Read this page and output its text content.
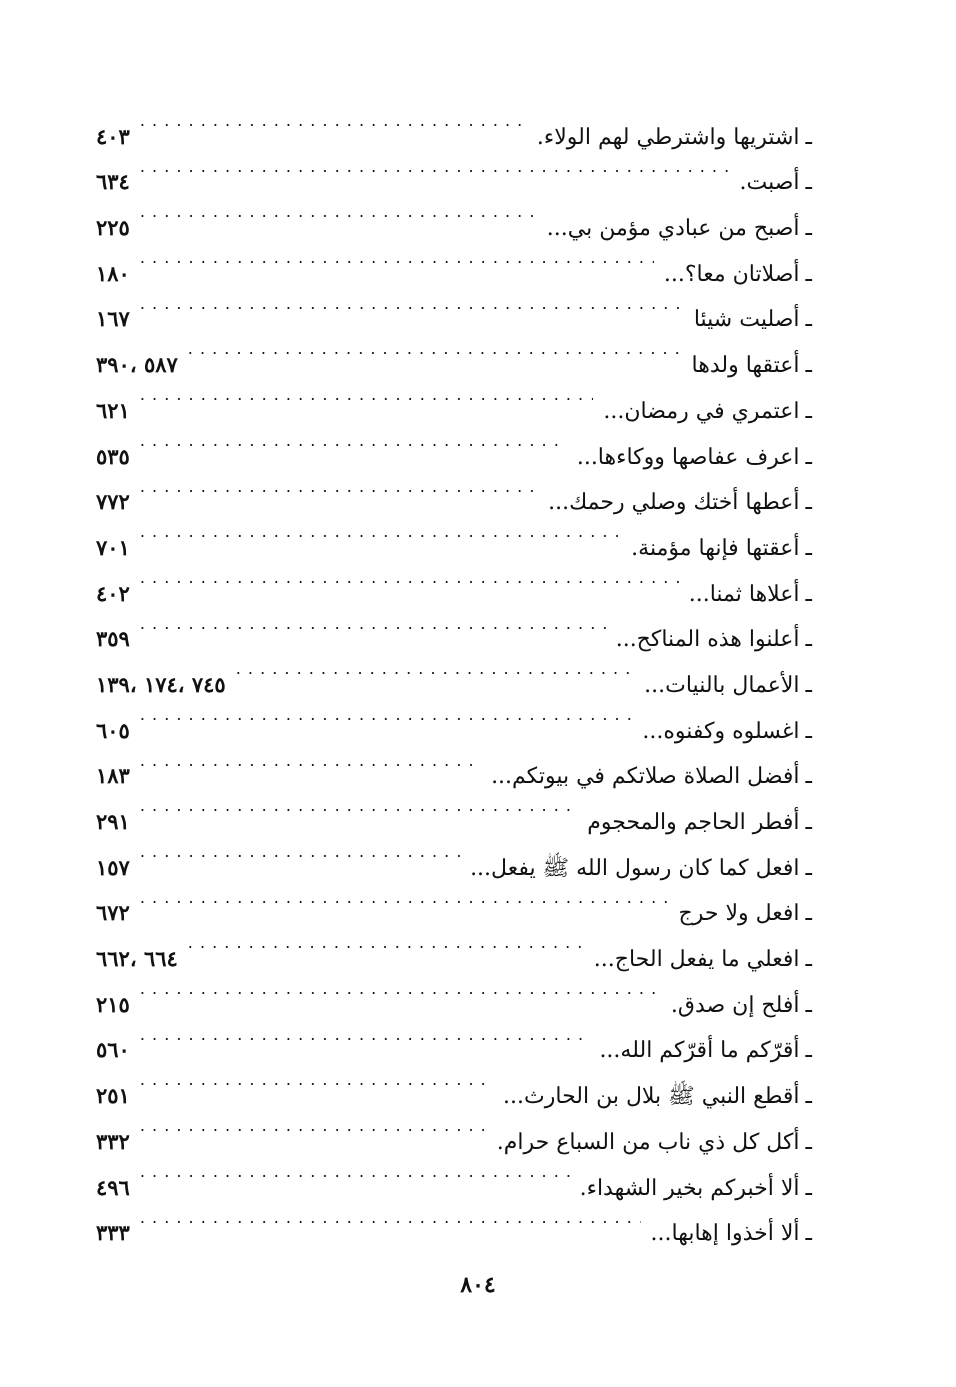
ـ
اشتريها واشترطي لهم الولاء.
. . .
٤٠٣
ـ
أصبت.
. . .
٦٣٤
ـ
أصبح من عبادي مؤمن بي...
. . .
٢٢٥
ـ
أصلاتان معا؟...
. . .
١٨٠
ـ
أصليت شيئا
. . .
١٦٧
ـ
أعتقها ولدها
. . .
٥٨٧ ،٣٩٠
ـ
اعتمري في رمضان...
. . .
٦٢١
ـ
اعرف عفاصها ووكاءها...
. . .
٥٣٥
ـ
أعطها أختك وصلي رحمك...
. . .
٧٧٢
ـ
أعقتها فإنها مؤمنة.
. . .
٧٠١
ـ
أعلاها ثمنا...
. . .
٤٠٢
ـ
أعلنوا هذه المناكح...
. . .
٣٥٩
ـ
الأعمال بالنيات...
. . .
٧٤٥ ،١٧٤ ،١٣٩
ـ
اغسلوه وكفنوه...
. . .
٦٠٥
ـ
أفضل الصلاة صلاتكم في بيوتكم...
. . .
١٨٣
ـ
أفطر الحاجم والمحجوم
. . .
٢٩١
ـ
افعل كما كان رسول الله ﷺ يفعل...
. . .
١٥٧
ـ
افعل ولا حرج
. . .
٦٧٢
ـ
افعلي ما يفعل الحاج...
. . .
٦٦٤ ،٦٦٢
ـ
أفلح إن صدق.
. . .
٢١٥
ـ
أقرّكم ما أقرّكم الله...
. . .
٥٦٠
ـ
أقطع النبي ﷺ بلال بن الحارث...
. . .
٢٥١
ـ
أكل كل ذي ناب من السباع حرام.
. . .
٣٣٢
ـ
ألا أخبركم بخير الشهداء.
. . .
٤٩٦
ـ
ألا أخذوا إهابها...
. . .
٣٣٣
٨٠٤
